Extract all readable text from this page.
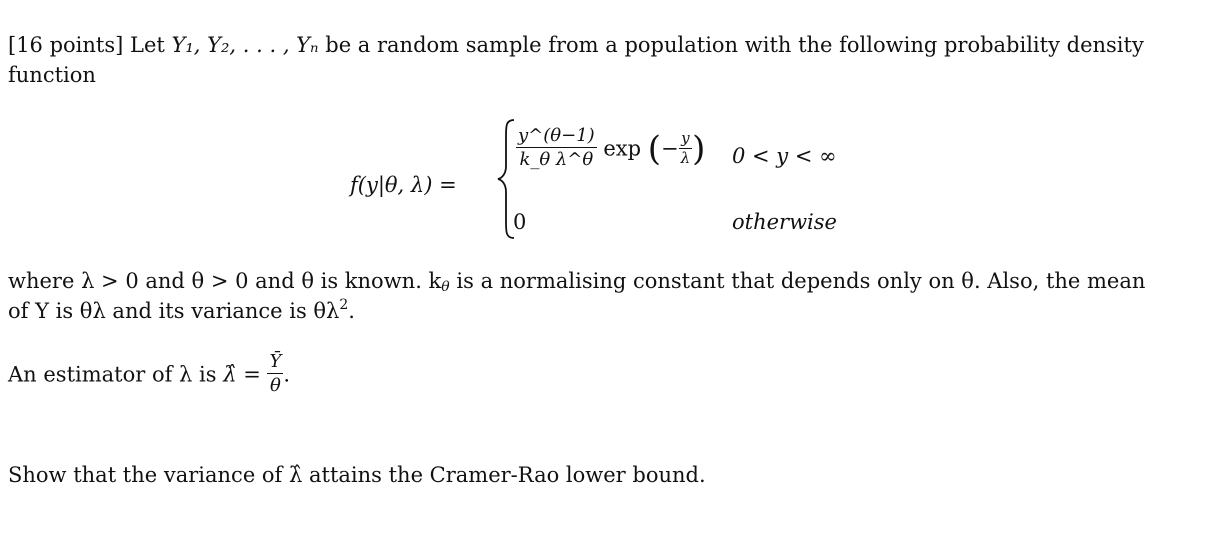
[16 points] Let Y₁, Y₂, . . . , Yₙ be a random sample from a population with the following probability density
function
f(y|θ, λ) =
$\frac{y\^{}(\theta-1)}{\text{k\_θ λ\textasciicircum{}θ}}$ exp (− $\frac{y}{\lambda}$ ) 0 < y < ∞
0	otherwise
where λ > 0 and θ > 0 and θ is known. $k_\theta$ is a normalising constant that depends only on θ. Also, the mean
of Y is θλ and its variance is $\theta\lambda^2$.
An estimator of λ is λ̂ = $\frac{Ȳ}{\theta}$ .
Show that the variance of λ̂ attains the Cramer-Rao lower bound.
